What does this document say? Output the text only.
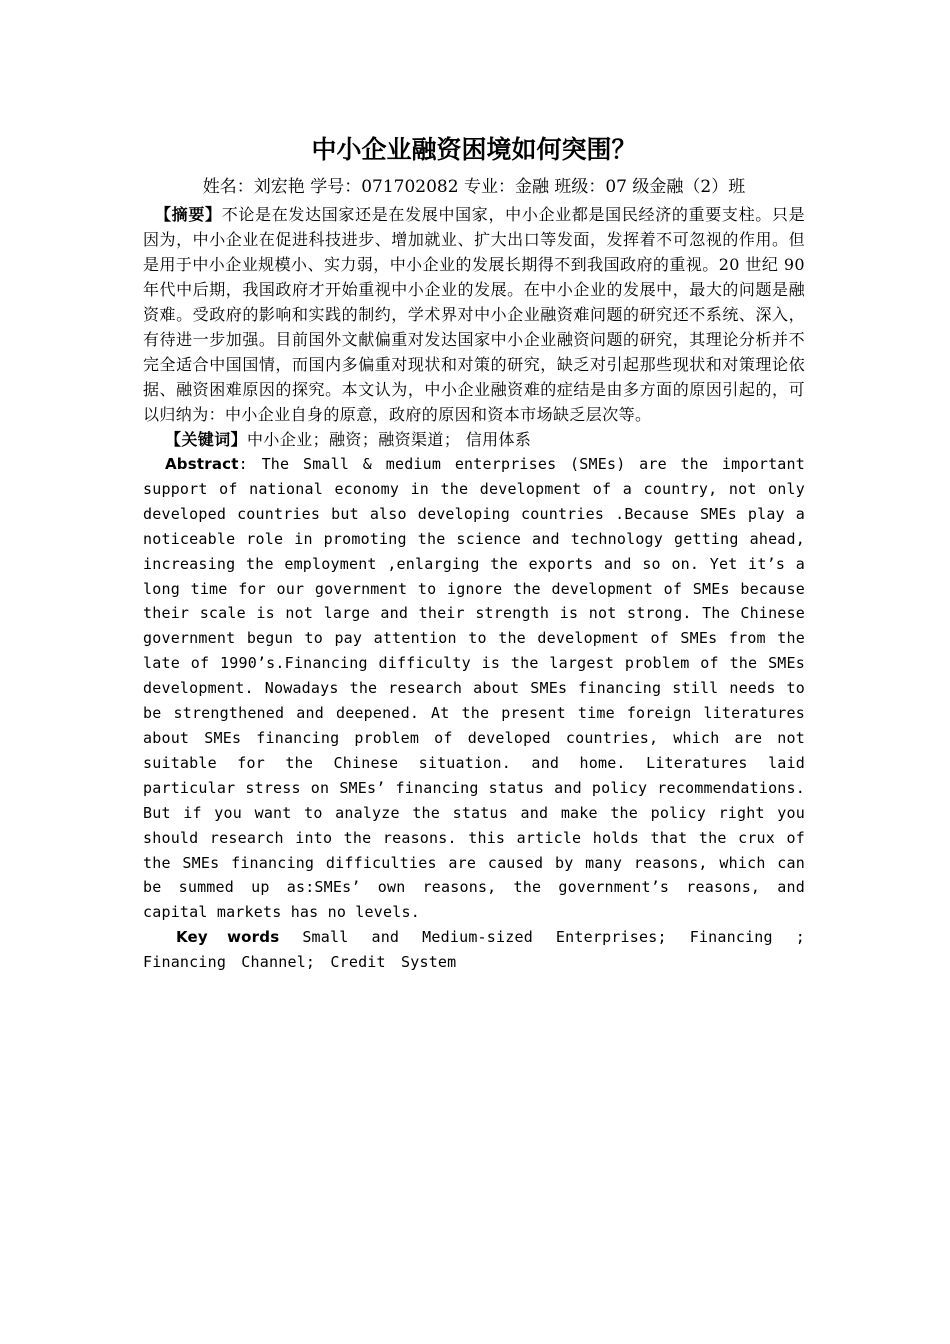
中小企业融资困境如何突围？
姓名：刘宏艳 学号：071702082 专业：金融 班级：07 级金融（2）班

【摘要】不论是在发达国家还是在发展中国家，中小企业都是国民经济的重要支柱。只是因为，中小企业在促进科技进步、增加就业、扩大出口等发面，发挥着不可忽视的作用。但是用于中小企业规模小、实力弱，中小企业的发展长期得不到我国政府的重视。20 世纪 90 年代中后期，我国政府才开始重视中小企业的发展。在中小企业的发展中，最大的问题是融资难。受政府的影响和实践的制约，学术界对中小企业融资难问题的研究还不系统、深入，有待进一步加强。目前国外文献偏重对发达国家中小企业融资问题的研究，其理论分析并不完全适合中国国情，而国内多偏重对现状和对策的研究，缺乏对引起那些现状和对策理论依据、融资困难原因的探究。本文认为，中小企业融资难的症结是由多方面的原因引起的，可以归纳为：中小企业自身的原意，政府的原因和资本市场缺乏层次等。

【关键词】中小企业；融资；融资渠道； 信用体系

Abstract: The Small & medium enterprises (SMEs) are the important support of national economy in the development of a country, not only developed countries but also developing countries .Because SMEs play a noticeable role in promoting the science and technology getting ahead, increasing the employment ,enlarging the exports and so on. Yet it’s a long time for our government to ignore the development of SMEs because their scale is not large and their strength is not strong. The Chinese government begun to pay attention to the development of SMEs from the late of 1990’s.Financing difficulty is the largest problem of the SMEs development. Nowadays the research about SMEs financing still needs to be strengthened and deepened. At the present time foreign literatures about SMEs financing problem of developed countries, which are not suitable for the Chinese situation. and home. Literatures laid particular stress on SMEs’ financing status and policy recommendations. But if you want to analyze the status and make the policy right you should research into the reasons. this article holds that the crux of the SMEs financing difficulties are caused by many reasons, which can be summed up as:SMEs’ own reasons, the government’s reasons, and capital markets has no levels.

Key words Small and Medium-sized Enterprises; Financing ; Financing Channel; Credit System
